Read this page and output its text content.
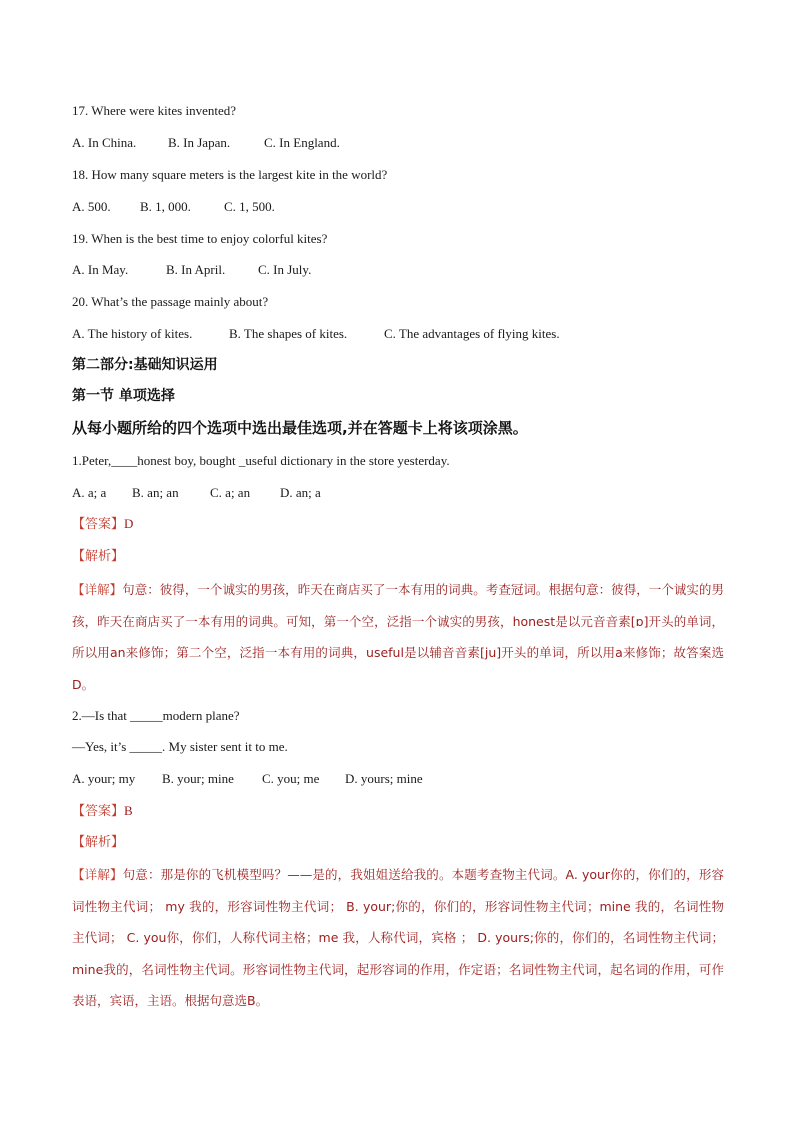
17. Where were kites invented?
A. In China. B. In Japan.	C. In England.
18. How many square meters is the largest kite in the world?
A. 500. B. 1, 000.	C. 1, 500.
19. When is the best time to enjoy colorful kites?
A. In May.	B. In April.	C. In July.
20. What’s the passage mainly about?
A. The history of kites.	B. The shapes of kites.	C. The advantages of flying kites.
第二部分:基础知识运用
第一节 单项选择
从每小题所给的四个选项中选出最佳选项,并在答题卡上将该项涂黑。
1.Peter,____honest boy, bought _useful dictionary in the store yesterday.
A. a; a B. an; an C. a; an D. an; a
【答案】D
【解析】
【详解】句意：彼得，一个诚实的男孩，昨天在商店买了一本有用的词典。考查冠词。根据句意：彼得，一个诚实的男孩，昨天在商店买了一本有用的词典。可知，第一个空，泛指一个诚实的男孩，honest是以元音音素[ɒ]开头的单词，所以用an来修饰；第二个空，泛指一本有用的词典，useful是以辅音音素[ju]开头的单词，所以用a来修饰；故答案选D。
2.—Is that _____modern plane?
—Yes, it’s _____. My sister sent it to me.
A. your; my B. your; mine C. you; me D. yours; mine
【答案】B
【解析】
【详解】句意：那是你的飞机模型吗？——是的，我姐姐送给我的。本题考查物主代词。A. your你的，你们的，形容词性物主代词； my 我的，形容词性物主代词； B. your;你的，你们的，形容词性物主代词；mine 我的，名词性物主代词； C. you你，你们，人称代词主格；me 我，人称代词，宾格 ； D. yours;你的，你们的，名词性物主代词；mine我的，名词性物主代词。形容词性物主代词，起形容词的作用，作定语；名词性物主代词，起名词的作用，可作表语，宾语，主语。根据句意选B。
